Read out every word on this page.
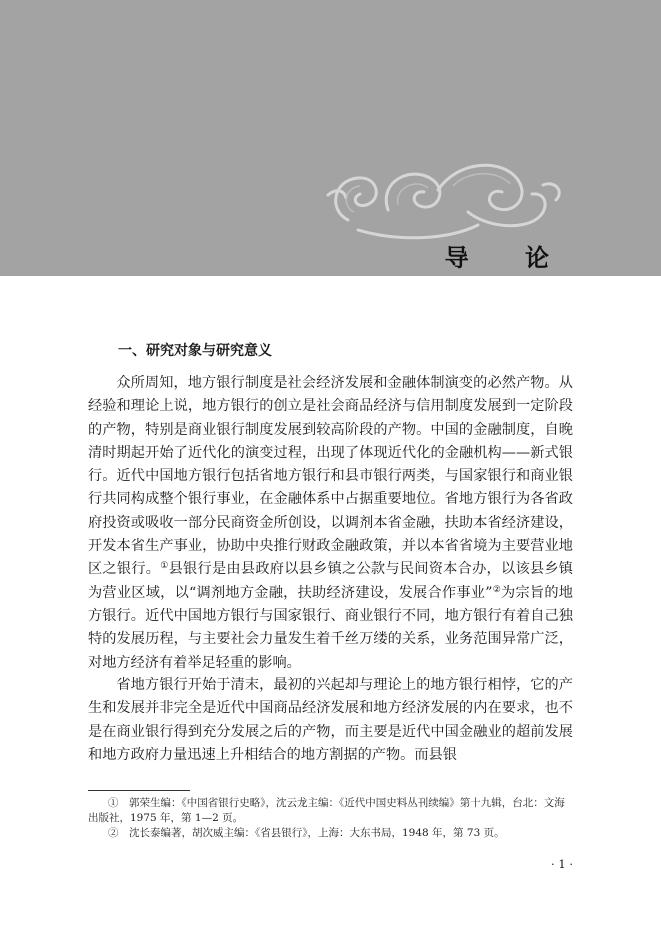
导 论
一、研究对象与研究意义

众所周知，地方银行制度是社会经济发展和金融体制演变的必然产物。从经验和理论上说，地方银行的创立是社会商品经济与信用制度发展到一定阶段的产物，特别是商业银行制度发展到较高阶段的产物。中国的金融制度，自晚清时期起开始了近代化的演变过程，出现了体现近代化的金融机构——新式银行。近代中国地方银行包括省地方银行和县市银行两类，与国家银行和商业银行共同构成整个银行事业，在金融体系中占据重要地位。省地方银行为各省政府投资或吸收一部分民商资金所创设，以调剂本省金融，扶助本省经济建设，开发本省生产事业，协助中央推行财政金融政策，并以本省省境为主要营业地区之银行。①县银行是由县政府以县乡镇之公款与民间资本合办，以该县乡镇为营业区域，以“调剂地方金融，扶助经济建设，发展合作事业”②为宗旨的地方银行。近代中国地方银行与国家银行、商业银行不同，地方银行有着自己独特的发展历程，与主要社会力量发生着千丝万缕的关系，业务范围异常广泛，对地方经济有着举足轻重的影响。

省地方银行开始于清末，最初的兴起却与理论上的地方银行相悖，它的产生和发展并非完全是近代中国商品经济发展和地方经济发展的内在要求，也不是在商业银行得到充分发展之后的产物，而主要是近代中国金融业的超前发展和地方政府力量迅速上升相结合的地方割据的产物。而县银

①　郭荣生编：《中国省银行史略》，沈云龙主编：《近代中国史料丛刊续编》第十九辑，台北：文海出版社，1975 年，第 1—2 页。

②　沈长泰编著，胡次威主编：《省县银行》，上海：大东书局，1948 年，第 73 页。

· 1 ·
